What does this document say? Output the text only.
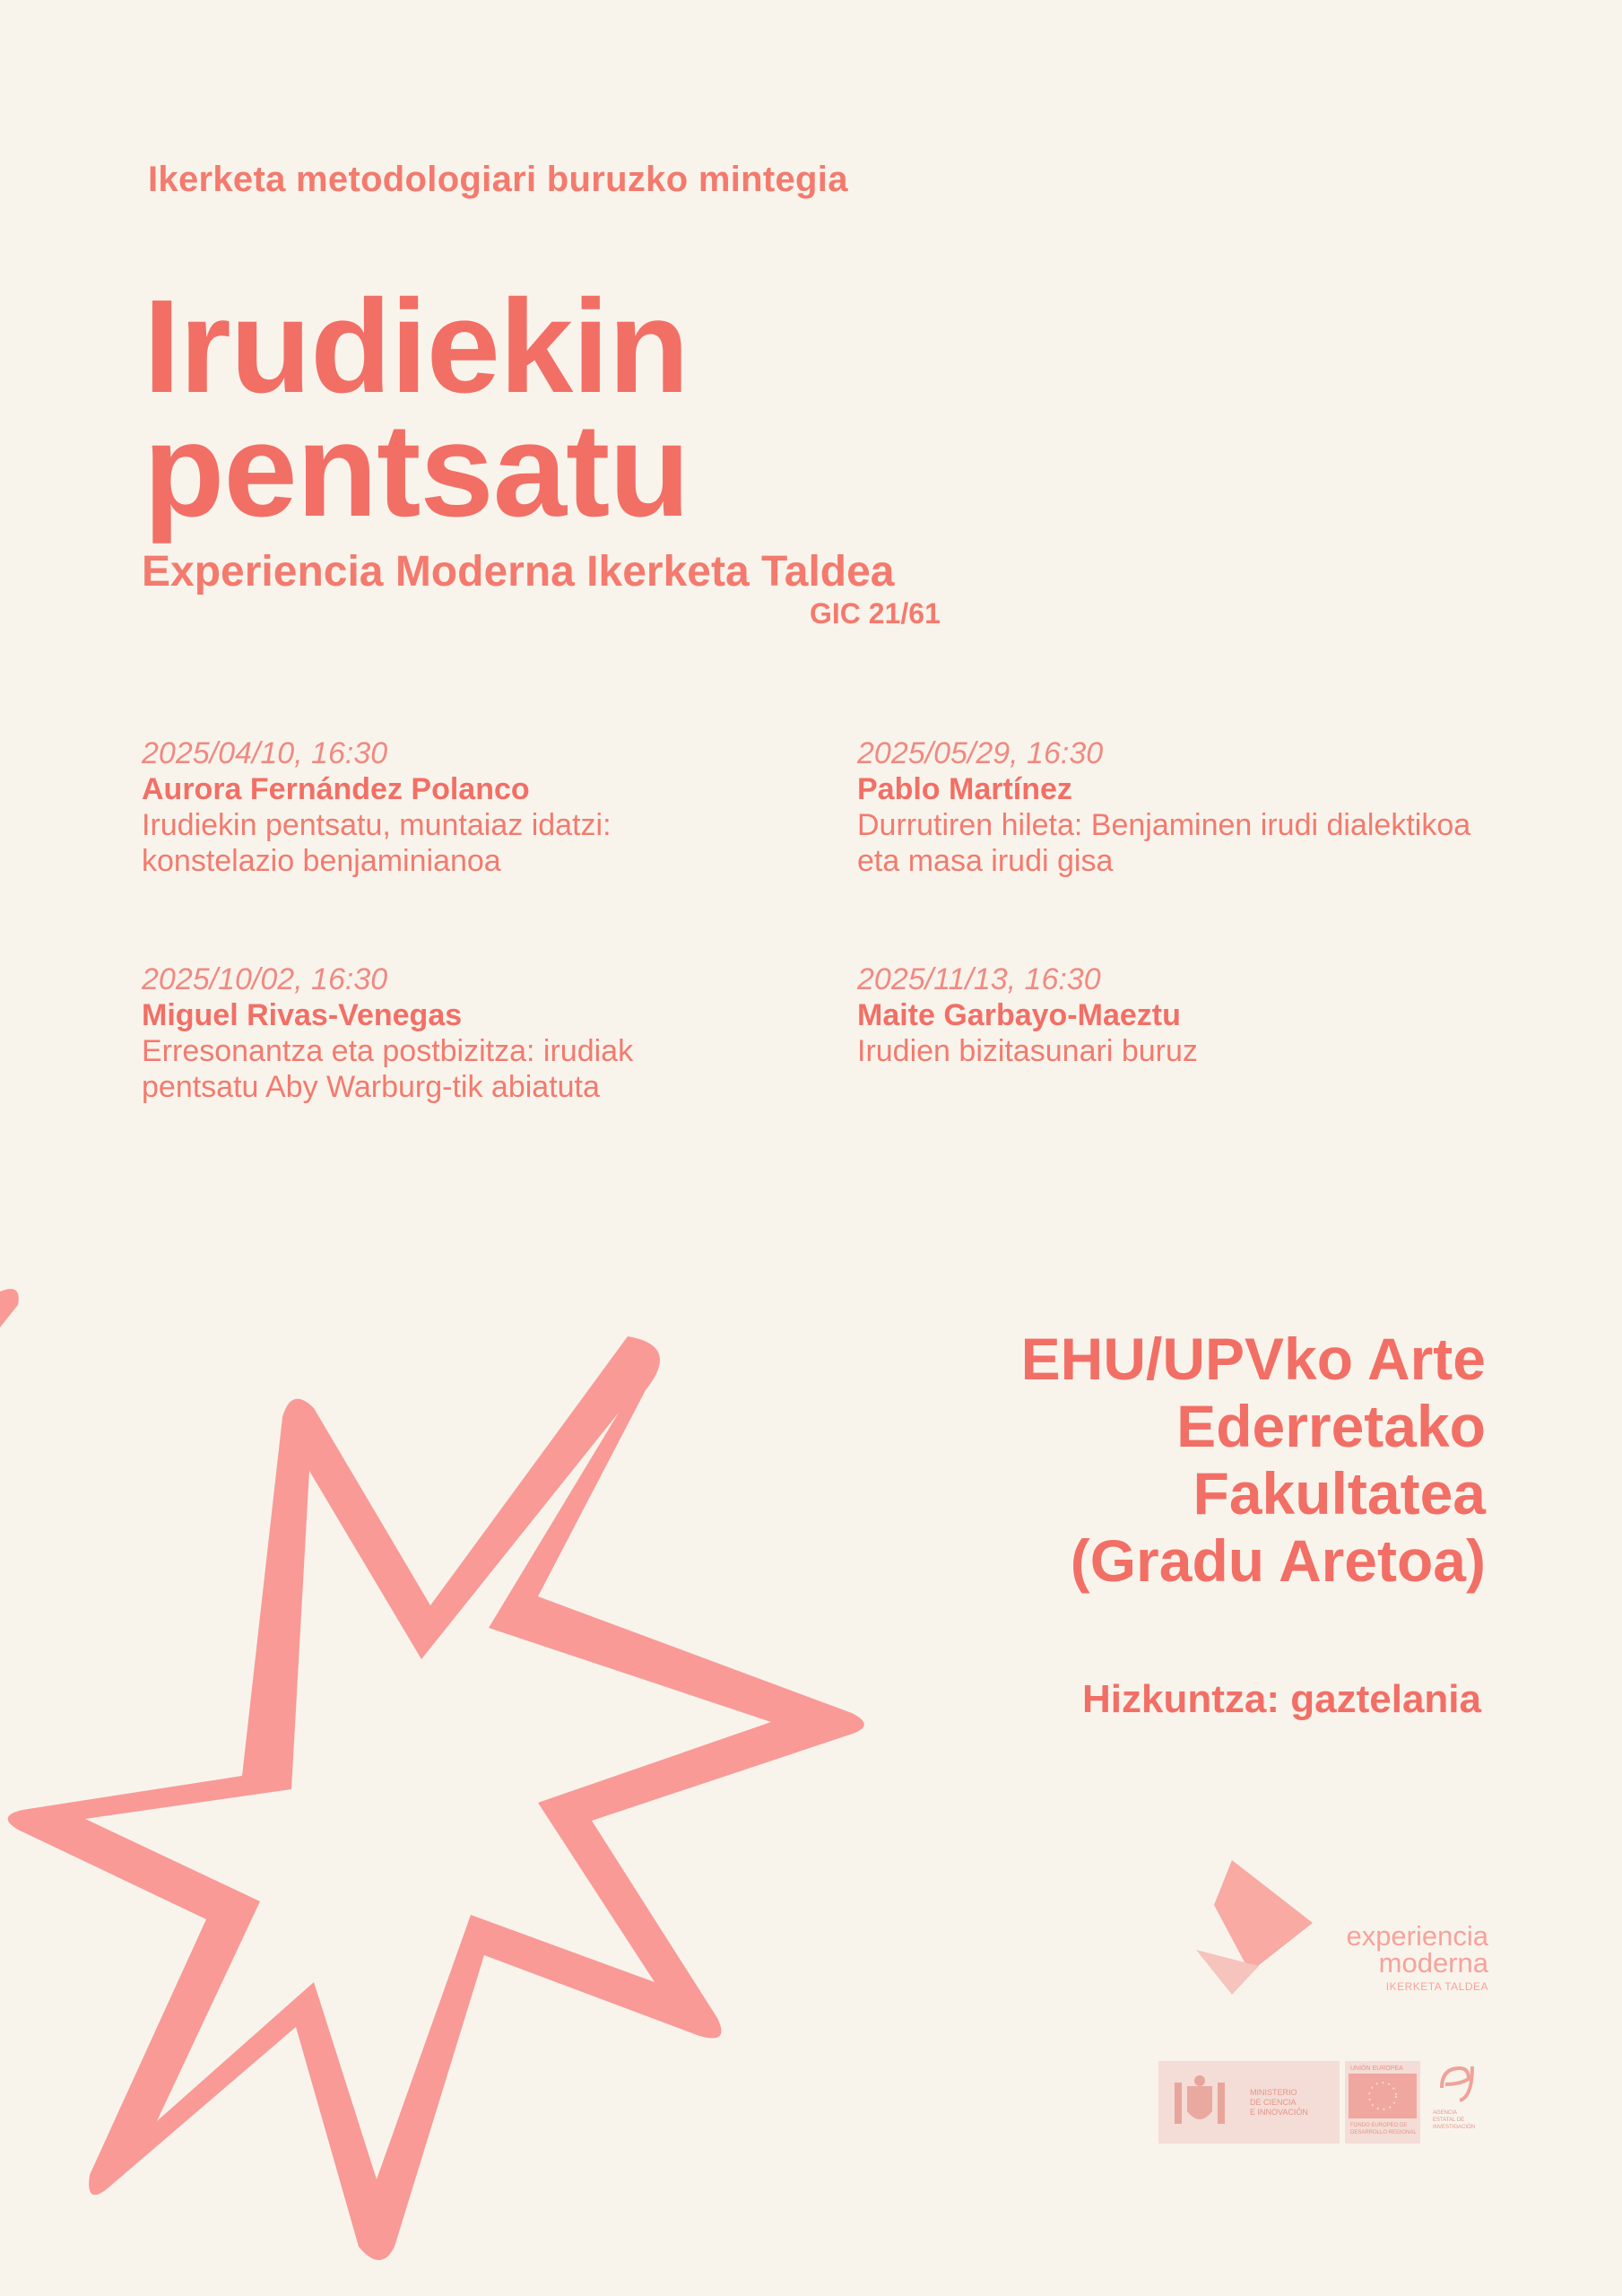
Ikerketa metodologiari buruzko mintegia
Irudiekin
pentsatu
Experiencia Moderna Ikerketa Taldea
GIC 21/61
2025/04/10, 16:30
Aurora Fernández Polanco
Irudiekin pentsatu, muntaiaz idatzi:
konstelazio benjaminianoa
2025/05/29, 16:30
Pablo Martínez
Durrutiren hileta: Benjaminen irudi dialektikoa
eta masa irudi gisa
2025/10/02, 16:30
Miguel Rivas-Venegas
Erresonantza eta postbizitza: irudiak
pentsatu Aby Warburg-tik abiatuta
2025/11/13, 16:30
Maite Garbayo-Maeztu
Irudien bizitasunari buruz
EHU/UPVko Arte
Ederretako
Fakultatea
(Gradu Aretoa)
Hizkuntza: gaztelania
experiencia
moderna
IKERKETA TALDEA
MINISTERIO
DE CIENCIA
E INNOVACIÓN
UNIÓN EUROPEA
FONDO EUROPEO DE
DESARROLLO REGIONAL
AGENCIA
ESTATAL DE
INVESTIGACIÓN
